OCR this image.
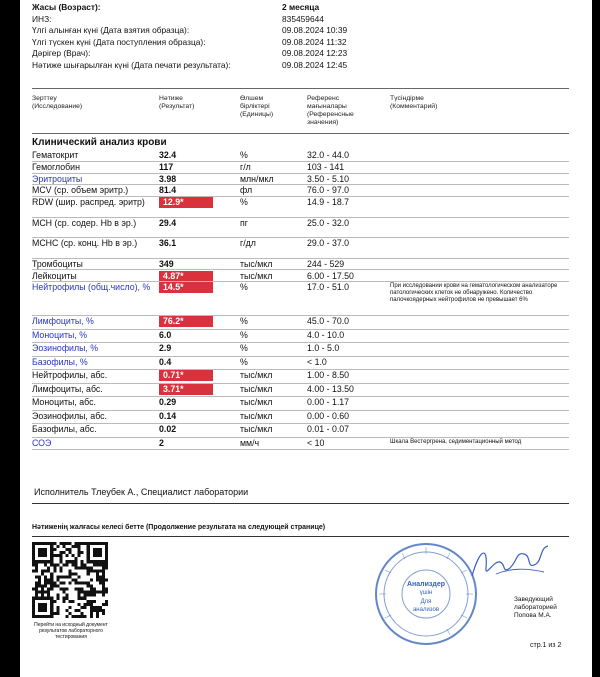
Жасы (Возраст):	2 месяца
ИНЗ:	835459644
Үлгі алынған күні (Дата взятия образца):	09.08.2024 10:39
Үлгі түскен күні (Дата поступления образца):	09.08.2024 11:32
Дәрігер (Врач):	09.08.2024 12:23
Нәтиже шығарылған күні (Дата печати результата):	09.08.2024 12:45
Зерттеу
(Исследование)
Нәтиже
(Результат)
Өлшем
бірліктері
(Единицы)
Референс
мағыналары
(Референсные
значения)
Түсіндірме
(Комментарий)
Клинический анализ крови
Гематокрит	32.4	%	32.0 - 44.0
Гемоглобин	117	г/л	103 - 141
Эритроциты	3.98	млн/мкл	3.50 - 5.10
MCV (ср. объем эритр.)	81.4	фл	76.0 - 97.0
RDW (шир. распред. эритр)	12.9*	%	14.9 - 18.7
MCH (ср. содер. Hb в эр.)	29.4	пг	25.0 - 32.0
MCHC (ср. конц. Hb в эр.)	36.1	г/дл	29.0 - 37.0
Тромбоциты	349	тыс/мкл	244 - 529
Лейкоциты	4.87*	тыс/мкл	6.00 - 17.50
Нейтрофилы (общ.число), %	14.5*	%	17.0 - 51.0	При исследовании крови на гематологическом анализаторе патологических клеток не обнаружено. Количество палочкоядерных нейтрофилов не превышает 6%
Лимфоциты, %	76.2*	%	45.0 - 70.0
Моноциты, %	6.0	%	4.0 - 10.0
Эозинофилы, %	2.9	%	1.0 - 5.0
Базофилы, %	0.4	%	< 1.0
Нейтрофилы, абс.	0.71*	тыс/мкл	1.00 - 8.50
Лимфоциты, абс.	3.71*	тыс/мкл	4.00 - 13.50
Моноциты, абс.	0.29	тыс/мкл	0.00 - 1.17
Эозинофилы, абс.	0.14	тыс/мкл	0.00 - 0.60
Базофилы, абс.	0.02	тыс/мкл	0.01 - 0.07
СОЭ	2	мм/ч	< 10	Шкала Вестергрена, седиментационный метод
Исполнитель Тлеубек А., Специалист лаборатории
Нәтиженің жалғасы келесі бетте (Продолжение результата на следующей странице)
Перейти на исходный документ результатов лабораторного тестирования
Анализдер
үшін
Для
анализов
Заведующий лабораторией
Попова М.А.
стр.1 из 2
